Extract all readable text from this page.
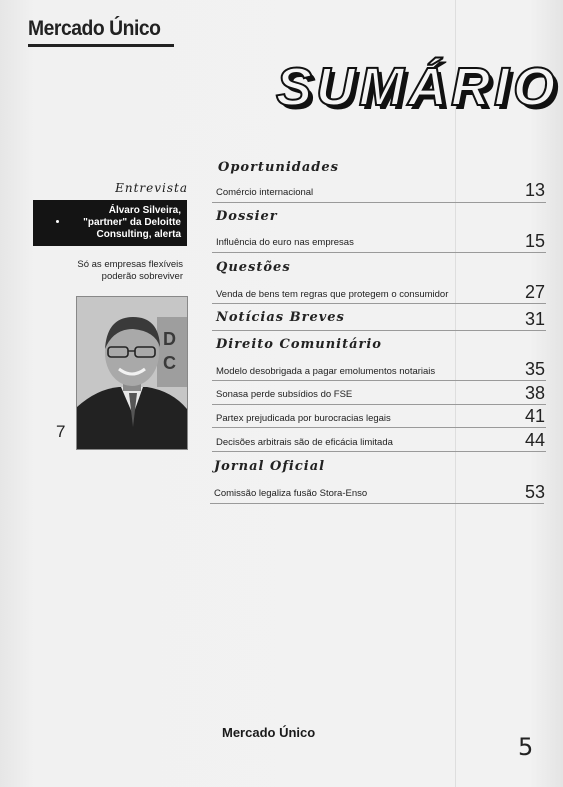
Mercado Único
SUMÁRIO
Entrevista
Álvaro Silveira,
"partner" da Deloitte
Consulting, alerta
Só as empresas flexíveis
poderão sobreviver
D
C
7
Oportunidades
Comércio internacional	13
Dossier
Influência do euro nas empresas	15
Questões
Venda de bens tem regras que protegem o consumidor	27
Notícias Breves	31
Direito Comunitário
Modelo desobrigada a pagar emolumentos notariais	35
Sonasa perde subsídios do FSE	38
Partex prejudicada por burocracias legais	41
Decisões arbitrais são de eficácia limitada	44
Jornal Oficial
Comissão legaliza fusão Stora-Enso	53
Mercado Único
5
